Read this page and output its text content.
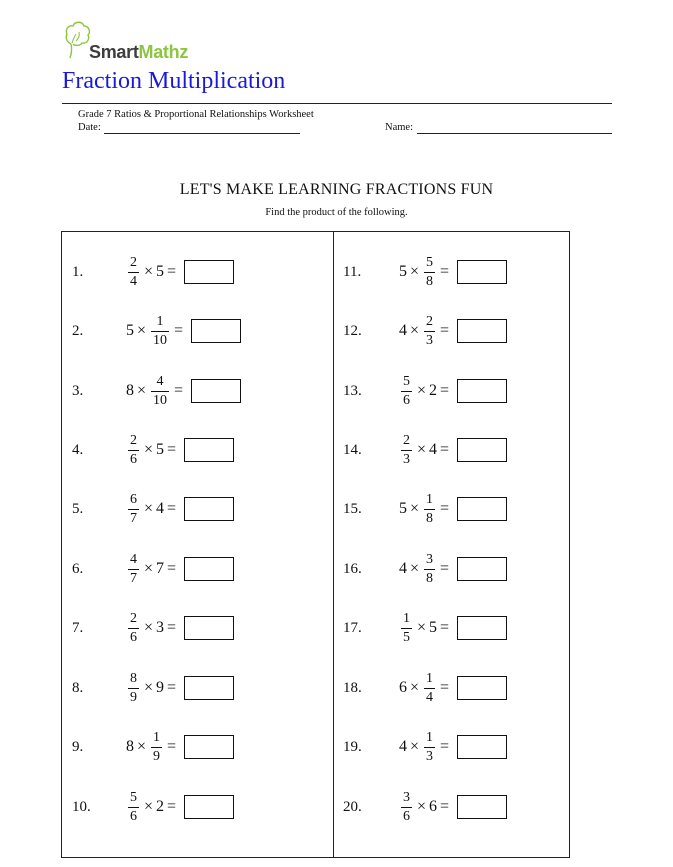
SmartMathz
Fraction Multiplication
Grade 7 Ratios & Proportional Relationships Worksheet
Date:	Name:
LET'S MAKE LEARNING FRACTIONS FUN
Find the product of the following.
1.	$\frac{2}{4} \times 5$ =
2.	$5 \times \frac{1}{10}$ =
3.	$8 \times \frac{4}{10}$ =
4.	$\frac{2}{6} \times 5$ =
5.	$\frac{6}{7} \times 4$ =
6.	$\frac{4}{7} \times 7$ =
7.	$\frac{2}{6} \times 3$ =
8.	$\frac{8}{9} \times 9$ =
9.	$8 \times \frac{1}{9}$ =
10.	$\frac{5}{6} \times 2$ =
11. $5 \times \frac{5}{8}$ =
12. $4 \times \frac{2}{3}$ =
13.	$\frac{5}{6} \times 2$ =
14.	$\frac{2}{3} \times 4$ =
15. $5 \times \frac{1}{8}$ =
16. $4 \times \frac{3}{8}$ =
17.	$\frac{1}{5} \times 5$ =
18. $6 \times \frac{1}{4}$ =
19. $4 \times \frac{1}{3}$ =
20.	$\frac{3}{6} \times 6$ =
